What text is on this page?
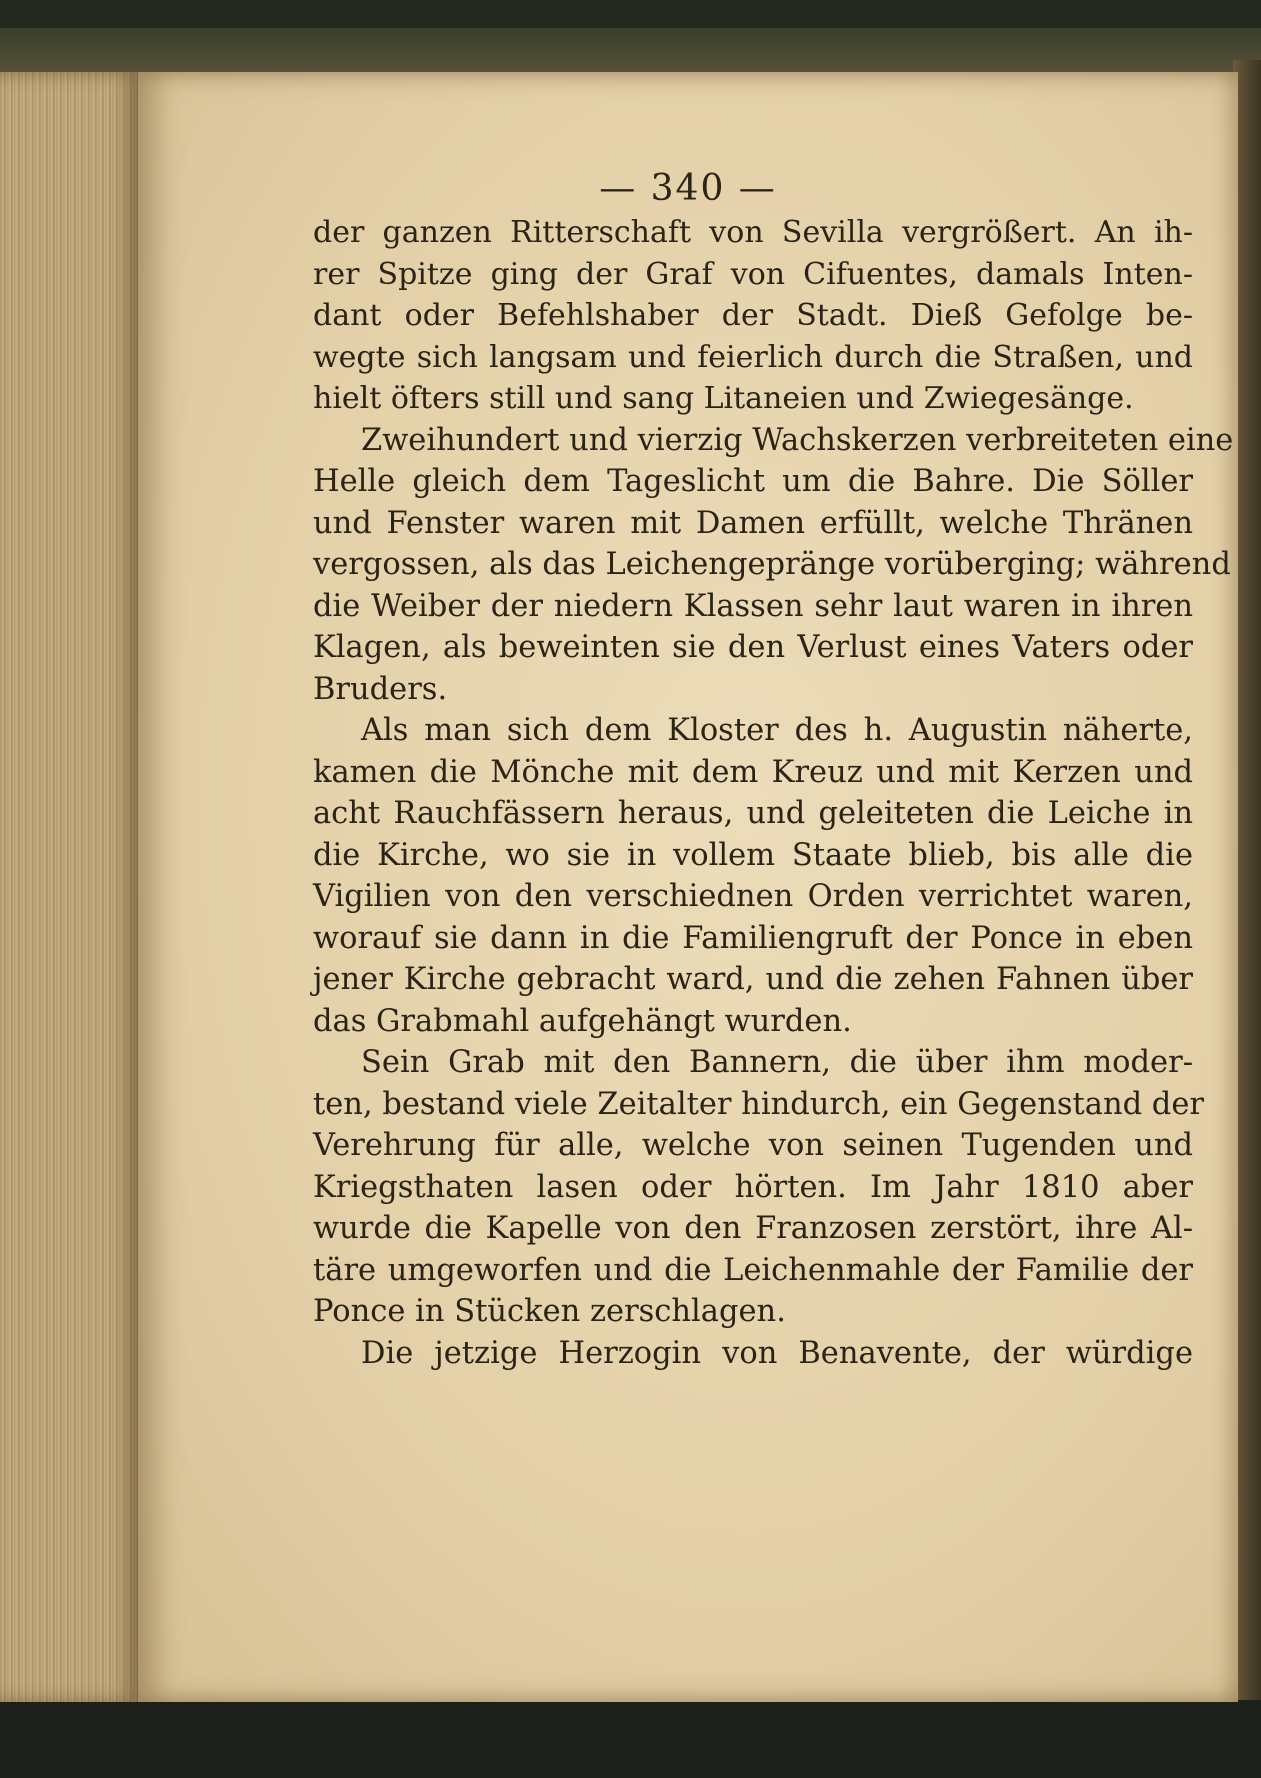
— 340 —
der ganzen Ritterschaft von Sevilla vergrößert. An ih-
rer Spitze ging der Graf von Cifuentes, damals Inten-
dant oder Befehlshaber der Stadt. Dieß Gefolge be-
wegte sich langsam und feierlich durch die Straßen, und
hielt öfters still und sang Litaneien und Zwiegesänge.
Zweihundert und vierzig Wachskerzen verbreiteten eine
Helle gleich dem Tageslicht um die Bahre. Die Söller
und Fenster waren mit Damen erfüllt, welche Thränen
vergossen, als das Leichengepränge vorüberging; während
die Weiber der niedern Klassen sehr laut waren in ihren
Klagen, als beweinten sie den Verlust eines Vaters oder
Bruders.
Als man sich dem Kloster des h. Augustin näherte,
kamen die Mönche mit dem Kreuz und mit Kerzen und
acht Rauchfässern heraus, und geleiteten die Leiche in
die Kirche, wo sie in vollem Staate blieb, bis alle die
Vigilien von den verschiednen Orden verrichtet waren,
worauf sie dann in die Familiengruft der Ponce in eben
jener Kirche gebracht ward, und die zehen Fahnen über
das Grabmahl aufgehängt wurden.
Sein Grab mit den Bannern, die über ihm moder-
ten, bestand viele Zeitalter hindurch, ein Gegenstand der
Verehrung für alle, welche von seinen Tugenden und
Kriegsthaten lasen oder hörten. Im Jahr 1810 aber
wurde die Kapelle von den Franzosen zerstört, ihre Al-
täre umgeworfen und die Leichenmahle der Familie der
Ponce in Stücken zerschlagen.
Die jetzige Herzogin von Benavente, der würdige
